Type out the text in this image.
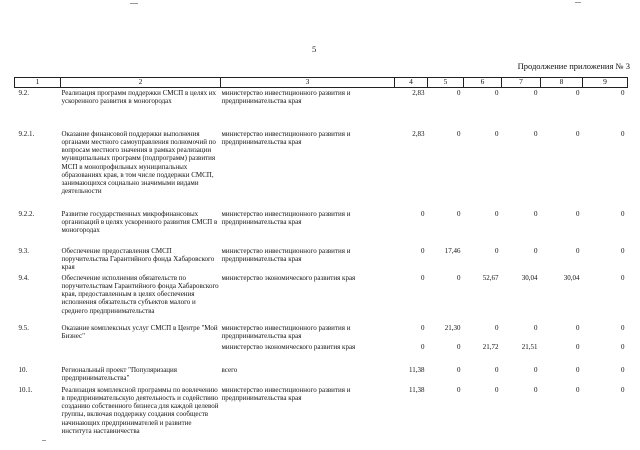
5
Продолжение приложения № 3
1	2	3	4	5	6	7	8	9
9.2.	Реализация программ поддержки СМСП в целях их ускоренного развития в моногородах	министерство инвестиционного развития и предпринимательства края	2,83	0	0	0	0	0
9.2.1.	Оказание финансовой поддержки выполнения органами местного самоуправления полномочий по вопросам местного значения в рамках реализации муниципальных программ (подпрограмм) развития МСП в монопрофильных муниципальных образованиях края, в том числе поддержки СМСП, занимающихся социально значимыми видами деятельности	министерство инвестиционного развития и предпринимательства края	2,83	0	0	0	0	0
9.2.2.	Развитие государственных микрофинансовых организаций в целях ускоренного развития СМСП в моногородах	министерство инвестиционного развития и предпринимательства края	0	0	0	0	0	0
9.3.	Обеспечение предоставления СМСП поручительства Гарантийного фонда Хабаровского края	министерство инвестиционного развития и предпринимательства края	0	17,46	0	0	0	0
9.4.	Обеспечение исполнения обязательств по поручительствам Гарантийного фонда Хабаровского края, предоставленным в целях обеспечения исполнения обязательств субъектов малого и среднего предпринимательства	министерство экономического развития края	0	0	52,67	30,04	30,04	0
9.5.	Оказание комплексных услуг СМСП в Центре "Мой Бизнес"	министерство инвестиционного развития и предпринимательства края	0	21,30	0	0	0	0
		министерство экономического развития края	0	0	21,72	21,51	0	0
10.	Региональный проект "Популяризация предпринимательства"	всего	11,38	0	0	0	0	0
10.1.	Реализация комплексной программы по вовлечению в предпринимательскую деятельность и содействию созданию собственного бизнеса для каждой целевой группы, включая поддержку создания сообществ начинающих предпринимателей и развитие института наставничества	министерство инвестиционного развития и предпринимательства края	11,38	0	0	0	0	0
